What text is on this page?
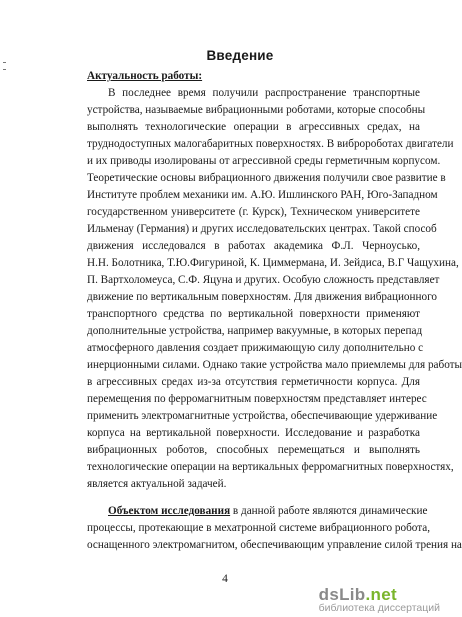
Введение
Актуальность работы:
В последнее время получили распространение транспортные
устройства, называемые вибрационными роботами, которые способны
выполнять технологические операции в агрессивных средах, на
труднодоступных малогабаритных поверхностях. В вибророботах двигатели
и их приводы изолированы от агрессивной среды герметичным корпусом.
Теоретические основы вибрационного движения получили свое развитие в
Институте проблем механики им. А.Ю. Ишлинского РАН, Юго-Западном
государственном университете (г. Курск), Техническом университете
Ильменау (Германия) и других исследовательских центрах. Такой способ
движения исследовался в работах академика Ф.Л. Черноусько,
Н.Н. Болотника, Т.Ю.Фигуриной, К. Циммермана, И. Зейдиса, В.Г Чащухина,
П. Вартхоломеуса, С.Ф. Яцуна и других. Особую сложность представляет
движение по вертикальным поверхностям. Для движения вибрационного
транспортного средства по вертикальной поверхности применяют
дополнительные устройства, например вакуумные, в которых перепад
атмосферного давления создает прижимающую силу дополнительно с
инерционными силами. Однако такие устройства мало приемлемы для работы
в агрессивных средах из-за отсутствия герметичности корпуса. Для
перемещения по ферромагнитным поверхностям представляет интерес
применить электромагнитные устройства, обеспечивающие удерживание
корпуса на вертикальной поверхности. Исследование и разработка
вибрационных роботов, способных перемещаться и выполнять
технологические операции на вертикальных ферромагнитных поверхностях,
является актуальной задачей.
Объектом исследования в данной работе являются динамические
процессы, протекающие в мехатронной системе вибрационного робота,
оснащенного электромагнитом, обеспечивающим управление силой трения на
4
dsLib.net
библиотека диссертаций
